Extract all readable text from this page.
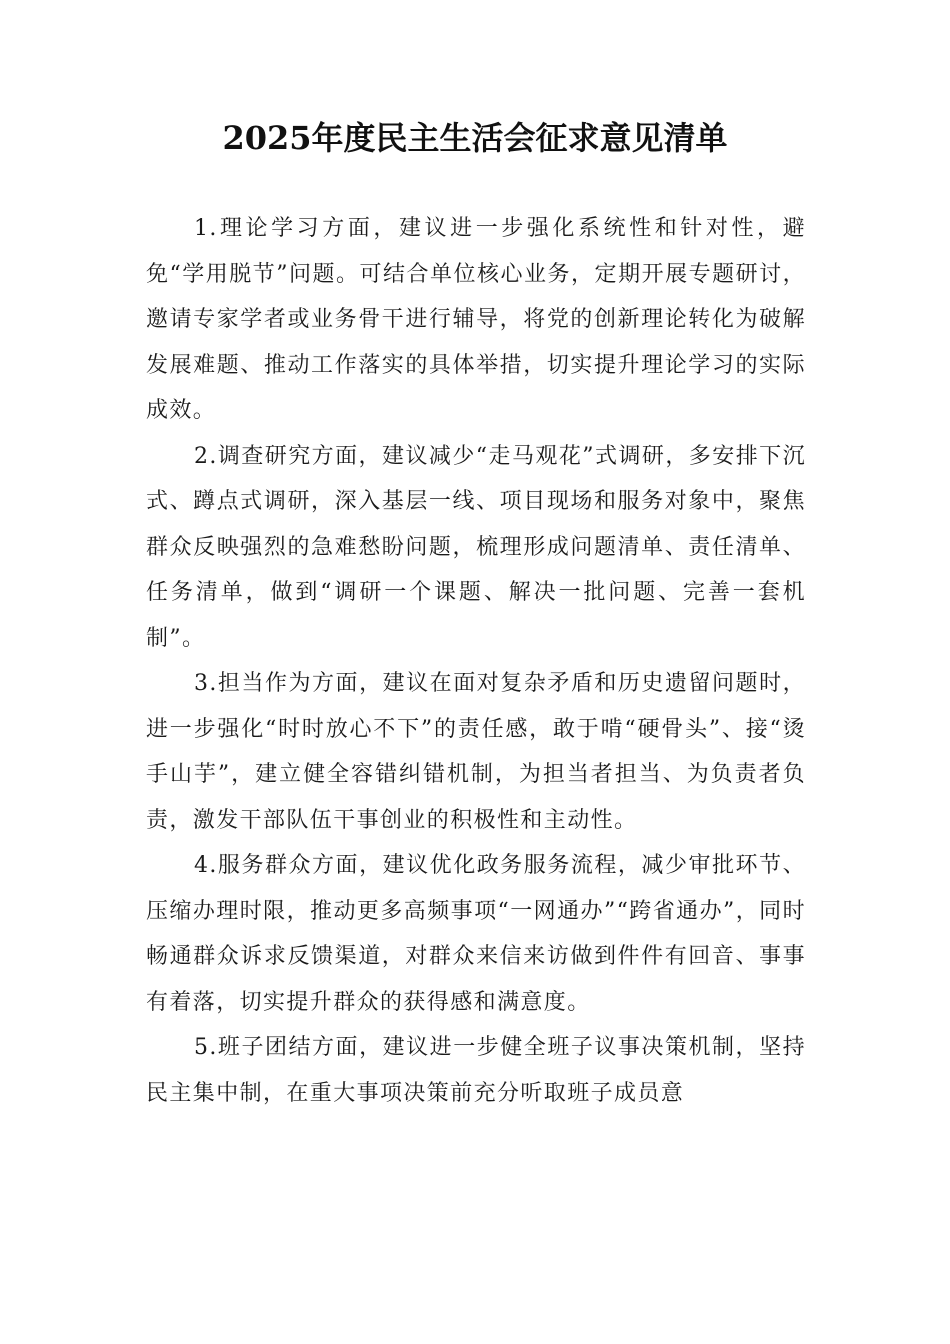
2025年度民主生活会征求意见清单

1.理论学习方面，建议进一步强化系统性和针对性，避免“学用脱节”问题。可结合单位核心业务，定期开展专题研讨，邀请专家学者或业务骨干进行辅导，将党的创新理论转化为破解发展难题、推动工作落实的具体举措，切实提升理论学习的实际成效。

2.调查研究方面，建议减少“走马观花”式调研，多安排下沉式、蹲点式调研，深入基层一线、项目现场和服务对象中，聚焦群众反映强烈的急难愁盼问题，梳理形成问题清单、责任清单、任务清单，做到“调研一个课题、解决一批问题、完善一套机制”。

3.担当作为方面，建议在面对复杂矛盾和历史遗留问题时，进一步强化“时时放心不下”的责任感，敢于啃“硬骨头”、接“烫手山芋”，建立健全容错纠错机制，为担当者担当、为负责者负责，激发干部队伍干事创业的积极性和主动性。

4.服务群众方面，建议优化政务服务流程，减少审批环节、压缩办理时限，推动更多高频事项“一网通办”“跨省通办”，同时畅通群众诉求反馈渠道，对群众来信来访做到件件有回音、事事有着落，切实提升群众的获得感和满意度。

5.班子团结方面，建议进一步健全班子议事决策机制，坚持民主集中制，在重大事项决策前充分听取班子成员意
